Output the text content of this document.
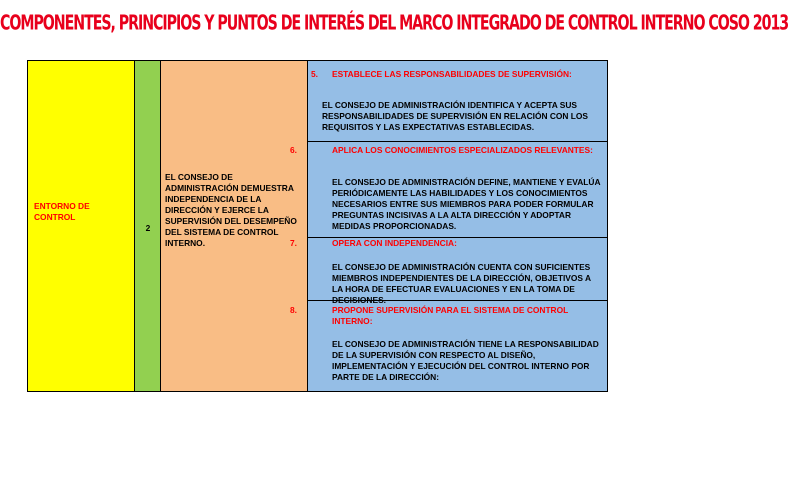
COMPONENTES, PRINCIPIOS Y PUNTOS DE INTERÉS DEL MARCO INTEGRADO DE CONTROL INTERNO COSO 2013
ENTORNO DE CONTROL
2
EL CONSEJO DE ADMINISTRACIÓN DEMUESTRA INDEPENDENCIA DE LA DIRECCIÓN Y EJERCE LA SUPERVISIÓN DEL DESEMPEÑO DEL SISTEMA DE CONTROL INTERNO.
5. ESTABLECE LAS RESPONSABILIDADES DE SUPERVISIÓN:
EL CONSEJO DE ADMINISTRACIÓN IDENTIFICA Y ACEPTA SUS RESPONSABILIDADES DE SUPERVISIÓN EN RELACIÓN CON LOS REQUISITOS Y LAS EXPECTATIVAS ESTABLECIDAS.
6.	APLICA LOS CONOCIMIENTOS ESPECIALIZADOS RELEVANTES:
EL CONSEJO DE ADMINISTRACIÓN DEFINE, MANTIENE Y EVALÚA PERIÓDICAMENTE LAS HABILIDADES Y LOS CONOCIMIENTOS NECESARIOS ENTRE SUS MIEMBROS PARA PODER FORMULAR PREGUNTAS INCISIVAS A LA ALTA DIRECCIÓN Y ADOPTAR MEDIDAS PROPORCIONADAS.
7.	OPERA CON INDEPENDENCIA:
EL CONSEJO DE ADMINISTRACIÓN CUENTA CON SUFICIENTES MIEMBROS INDEPENDIENTES DE LA DIRECCIÓN, OBJETIVOS A LA HORA DE EFECTUAR EVALUACIONES Y EN LA TOMA DE DECISIONES.
8.	PROPONE SUPERVISIÓN PARA EL SISTEMA DE CONTROL INTERNO:
EL CONSEJO DE ADMINISTRACIÓN TIENE LA RESPONSABILIDAD DE LA SUPERVISIÓN CON RESPECTO AL DISEÑO, IMPLEMENTACIÓN Y EJECUCIÓN DEL CONTROL INTERNO POR PARTE DE LA DIRECCIÓN:
